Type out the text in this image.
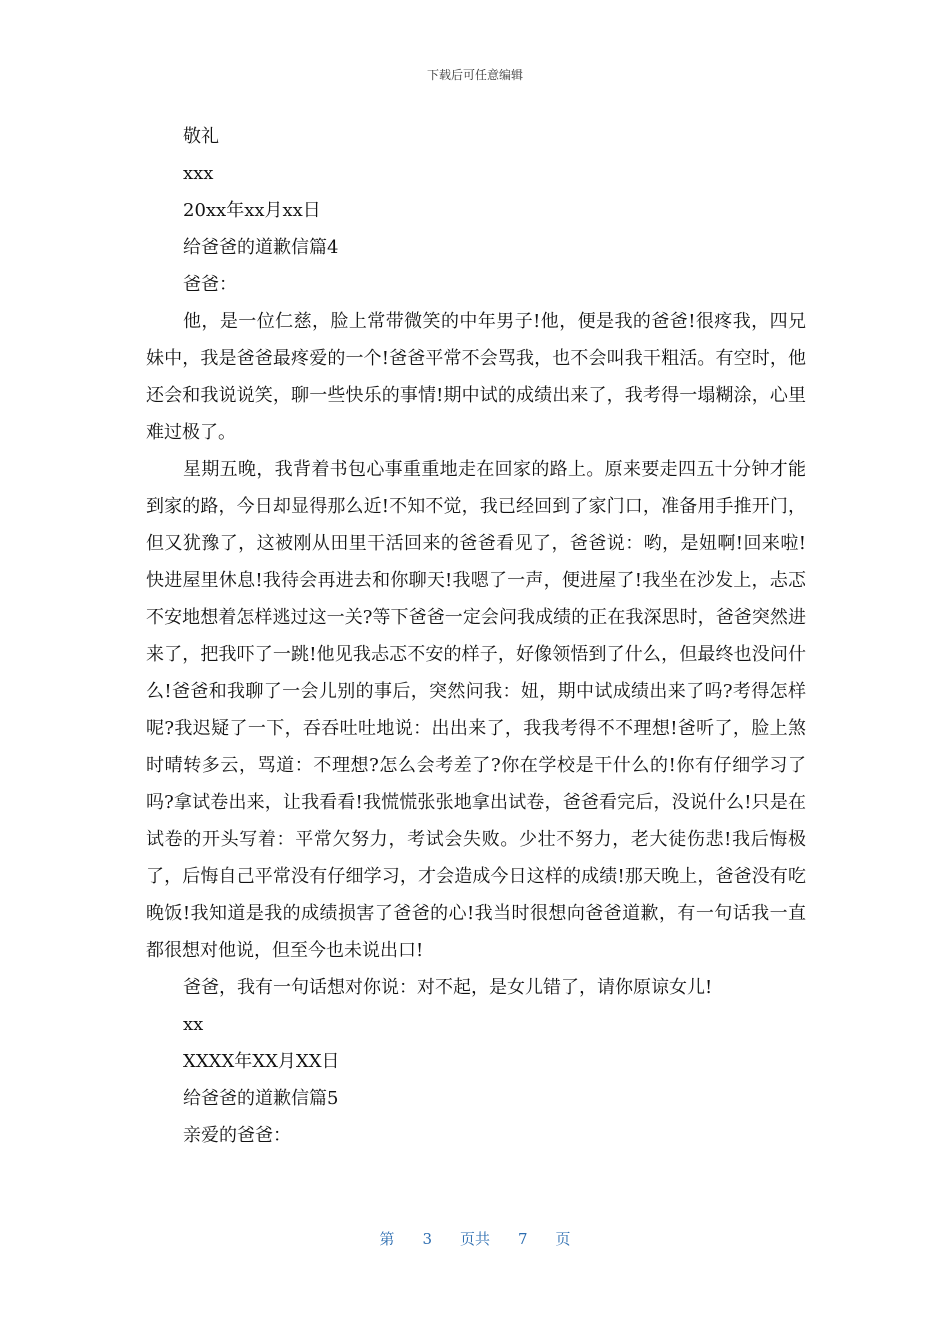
下载后可任意编辑

敬礼

xxx

20xx年xx月xx日

给爸爸的道歉信篇4

爸爸：

他，是一位仁慈，脸上常带微笑的中年男子!他，便是我的爸爸!很疼我，四兄妹中，我是爸爸最疼爱的一个!爸爸平常不会骂我，也不会叫我干粗活。有空时，他还会和我说说笑，聊一些快乐的事情!期中试的成绩出来了，我考得一塌糊涂，心里难过极了。

星期五晚，我背着书包心事重重地走在回家的路上。原来要走四五十分钟才能到家的路，今日却显得那么近!不知不觉，我已经回到了家门口，准备用手推开门，但又犹豫了，这被刚从田里干活回来的爸爸看见了，爸爸说：哟，是妞啊!回来啦!快进屋里休息!我待会再进去和你聊天!我嗯了一声，便进屋了!我坐在沙发上，忐忑不安地想着怎样逃过这一关?等下爸爸一定会问我成绩的正在我深思时，爸爸突然进来了，把我吓了一跳!他见我忐忑不安的样子，好像领悟到了什么，但最终也没问什么!爸爸和我聊了一会儿别的事后，突然问我：妞，期中试成绩出来了吗?考得怎样呢?我迟疑了一下，吞吞吐吐地说：出出来了，我我考得不不理想!爸听了，脸上煞时晴转多云，骂道：不理想?怎么会考差了?你在学校是干什么的!你有仔细学习了吗?拿试卷出来，让我看看!我慌慌张张地拿出试卷，爸爸看完后，没说什么!只是在试卷的开头写着：平常欠努力，考试会失败。少壮不努力，老大徒伤悲!我后悔极了，后悔自己平常没有仔细学习，才会造成今日这样的成绩!那天晚上，爸爸没有吃晚饭!我知道是我的成绩损害了爸爸的心!我当时很想向爸爸道歉，有一句话我一直都很想对他说，但至今也未说出口!

爸爸，我有一句话想对你说：对不起，是女儿错了，请你原谅女儿!

xx

XXXX年XX月XX日

给爸爸的道歉信篇5

亲爱的爸爸：

第 3 页共 7 页
